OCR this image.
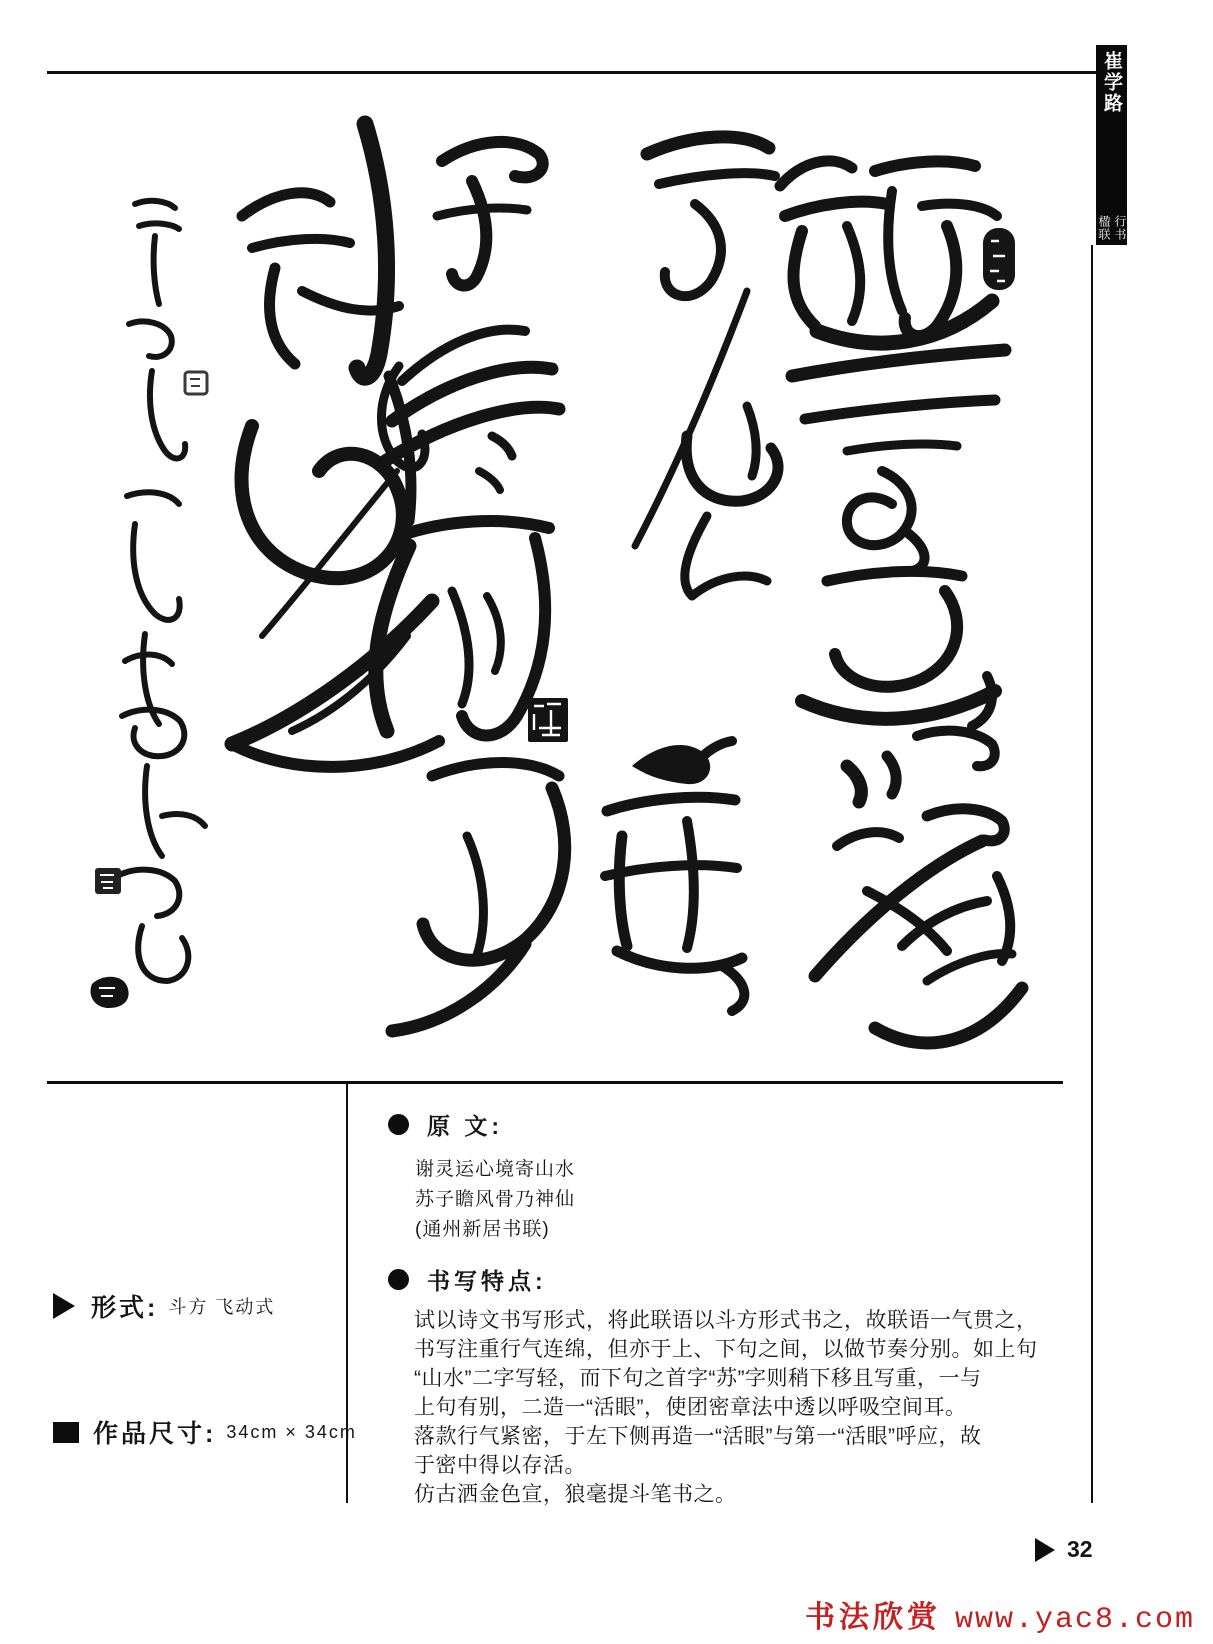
崔学路
楹联 行书
形式: 斗方 飞动式
作品尺寸: 34cm × 34cm
原 文:
谢灵运心境寄山水
苏子瞻风骨乃神仙
(通州新居书联)
书写特点:
试以诗文书写形式，将此联语以斗方形式书之，故联语一气贯之，
书写注重行气连绵，但亦于上、下句之间，以做节奏分别。如上句
“山水”二字写轻，而下句之首字“苏”字则稍下移且写重，一与
上句有别，二造一“活眼”，使团密章法中透以呼吸空间耳。
落款行气紧密，于左下侧再造一“活眼”与第一“活眼”呼应，故
于密中得以存活。
仿古洒金色宣，狼毫提斗笔书之。
32
书法欣赏 www.yac8.com
